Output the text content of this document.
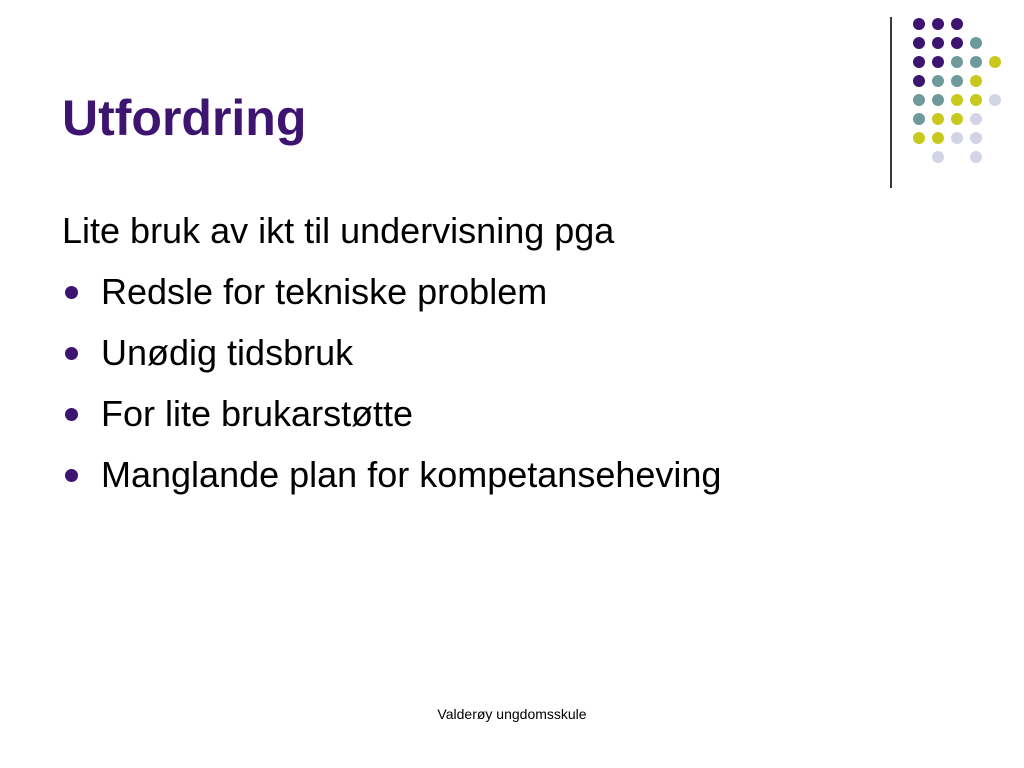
Utfordring
Lite bruk av ikt til undervisning pga
Redsle for tekniske problem
Unødig tidsbruk
For lite brukarstøtte
Manglande plan for kompetanseheving
Valderøy ungdomsskule
